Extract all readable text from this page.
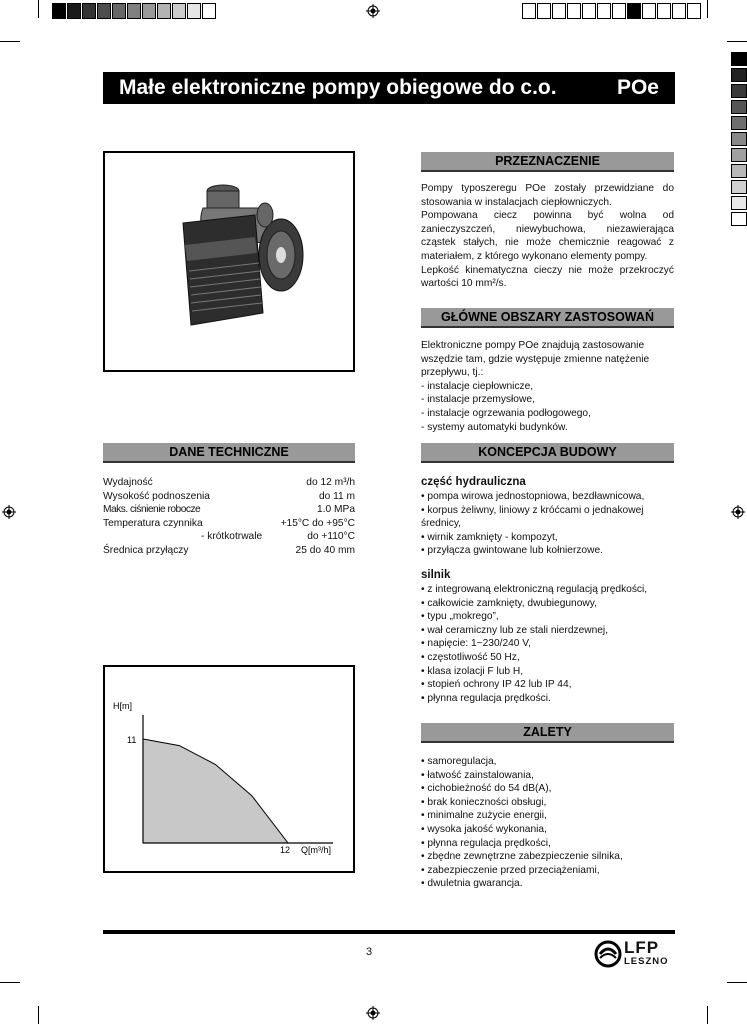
Małe elektroniczne pompy obiegowe do c.o.	POe
PRZEZNACZENIE

Pompy typoszeregu POe zostały przewidziane do stosowania w instalacjach ciepłowniczych.

Pompowana ciecz powinna być wolna od zanieczyszczeń, niewybuchowa, niezawierająca cząstek stałych, nie może chemicznie reagować z materiałem, z którego wykonano elementy pompy.

Lepkość kinematyczna cieczy nie może przekroczyć wartości 10 mm²/s.

GŁÓWNE OBSZARY ZASTOSOWAŃ

Elektroniczne pompy POe znajdują zastosowanie wszędzie tam, gdzie występuje zmienne natężenie przepływu, tj.:

- instalacje ciepłownicze,
- instalacje przemysłowe,
- instalacje ogrzewania podłogowego,
- systemy automatyki budynków.
DANE TECHNICZNE
Wydajność	do 12 m³/h
Wysokość podnoszenia	do 11 m
Maks. ciśnienie robocze	1.0 MPa
Temperatura czynnika	+15°C do +95°C
- krótkotrwale	do +110°C
Średnica przyłączy	25 do 40 mm
H[m]
11
12 Q[m³/h]
KONCEPCJA BUDOWY

część hydrauliczna

• pompa wirowa jednostopniowa, bezdławnicowa,
• korpus żeliwny, liniowy z króćcami o jednakowej średnicy,
• wirnik zamknięty - kompozyt,
• przyłącza gwintowane lub kołnierzowe.

silnik

• z integrowaną elektroniczną regulacją prędkości,
• całkowicie zamknięty, dwubiegunowy,
• typu „mokrego”,
• wał ceramiczny lub ze stali nierdzewnej,
• napięcie: 1~230/240 V,
• częstotliwość 50 Hz,
• klasa izolacji F lub H,
• stopień ochrony IP 42 lub IP 44,
• płynna regulacja prędkości.
ZALETY
• samoregulacja,
• łatwość zainstalowania,
• cichobieżność do 54 dB(A),
• brak konieczności obsługi,
• minimalne zużycie energii,
• wysoka jakość wykonania,
• płynna regulacja prędkości,
• zbędne zewnętrzne zabezpieczenie silnika,
• zabezpieczenie przed przeciążeniami,
• dwuletnia gwarancja.
3	LFP
LESZNO
